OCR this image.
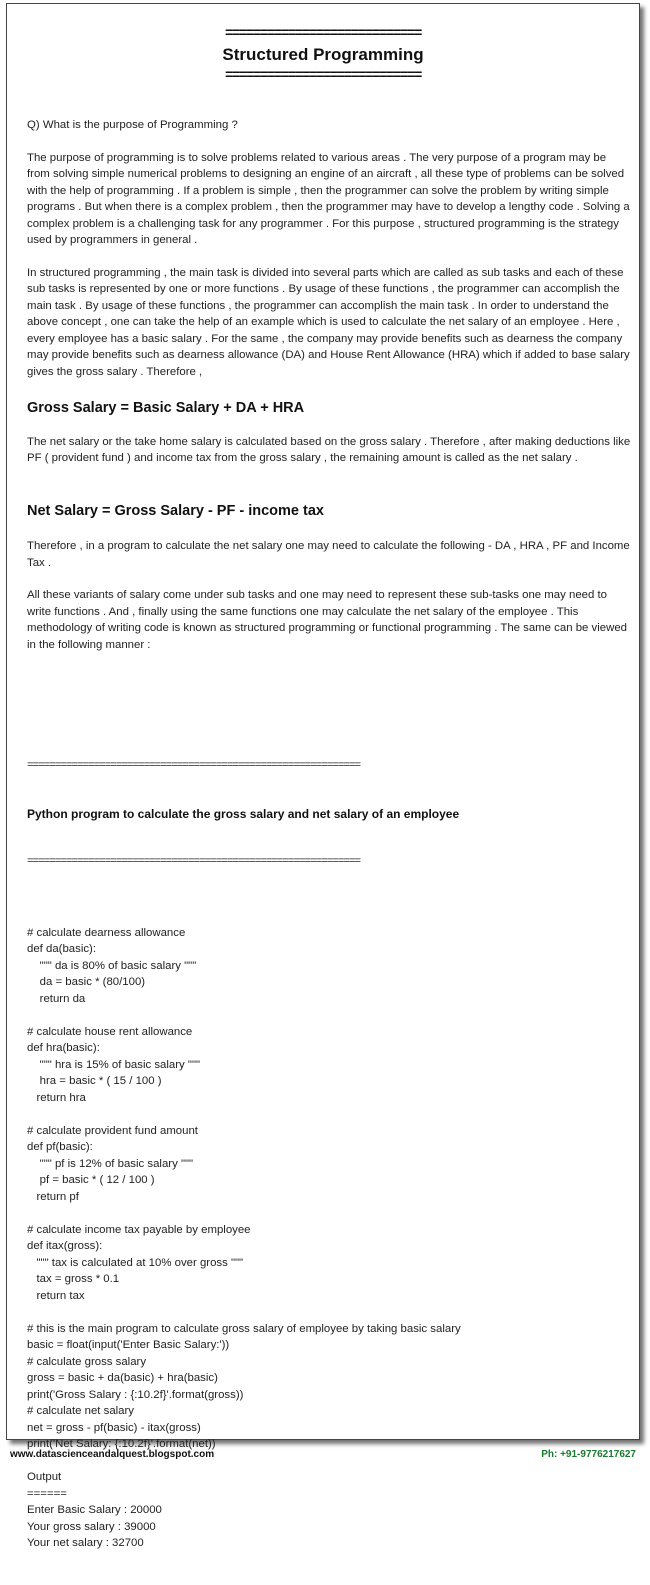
============================
Structured Programming
============================

Q) What is the purpose of Programming ?

The purpose of programming is to solve problems related to various areas . The very purpose of a program may be from solving simple numerical problems to designing an engine of an aircraft , all these type of problems can be solved with the help of programming . If a problem is simple , then the programmer can solve the problem by writing simple programs . But when there is a complex problem , then the programmer may have to develop a lengthy code . Solving a complex problem is a challenging task for any programmer . For this purpose , structured programming is the strategy used by programmers in general .

In structured programming , the main task is divided into several parts which are called as sub tasks and each of these sub tasks is represented by one or more functions . By usage of these functions , the programmer can accomplish the main task . By usage of these functions , the programmer can accomplish the main task . In order to understand the above concept , one can take the help of an example which is used to calculate the net salary of an employee . Here , every employee has a basic salary . For the same , the company may provide benefits such as dearness the company may provide benefits such as dearness allowance (DA) and House Rent Allowance (HRA) which if added to base salary gives the gross salary . Therefore ,

Gross Salary = Basic Salary + DA + HRA

The net salary or the take home salary is calculated based on the gross salary . Therefore , after making deductions like PF ( provident fund ) and income tax from the gross salary , the remaining amount is called as the net salary .

Net Salary = Gross Salary - PF - income tax

Therefore , in a program to calculate the net salary one may need to calculate the following - DA , HRA , PF and Income Tax .

All these variants of salary come under sub tasks and one may need to represent these sub-tasks one may need to write functions . And , finally using the same functions one may calculate the net salary of the employee . This methodology of writing code is known as structured programming or functional programming . The same can be viewed in the following manner :

============================================================

Python program to calculate the gross salary and net salary of an employee

============================================================

# calculate dearness allowance
def da(basic):
""" da is 80% of basic salary """
da = basic * (80/100)
return da
# calculate house rent allowance
def hra(basic):
""" hra is 15% of basic salary """
hra = basic * ( 15 / 100 )
return hra
# calculate provident fund amount
def pf(basic):
""" pf is 12% of basic salary """
pf = basic * ( 12 / 100 )
return pf
# calculate income tax payable by employee
def itax(gross):
""" tax is calculated at 10% over gross """
tax = gross * 0.1
return tax
# this is the main program to calculate gross salary of employee by taking basic salary
basic = float(input('Enter Basic Salary:'))
# calculate gross salary
gross = basic + da(basic) + hra(basic)
print('Gross Salary : {:10.2f}'.format(gross))
# calculate net salary
net = gross - pf(basic) - itax(gross)
print('Net Salary: {:10.2f}'.format(net))
Output
======
Enter Basic Salary : 20000
Your gross salary : 39000
Your net salary : 32700

www.datascienceandalquest.blogspot.com	Ph: +91-9776217627
